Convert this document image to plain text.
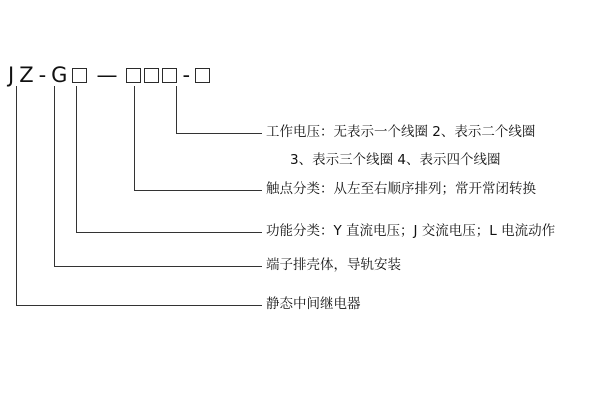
J Z - G —	-
工作电压：无表示一个线圈 2、表示二个线圈
3、表示三个线圈 4、表示四个线圈
触点分类：从左至右顺序排列；常开常闭转换
功能分类：Y 直流电压；J 交流电压；L 电流动作
端子排壳体，导轨安装
静态中间继电器
